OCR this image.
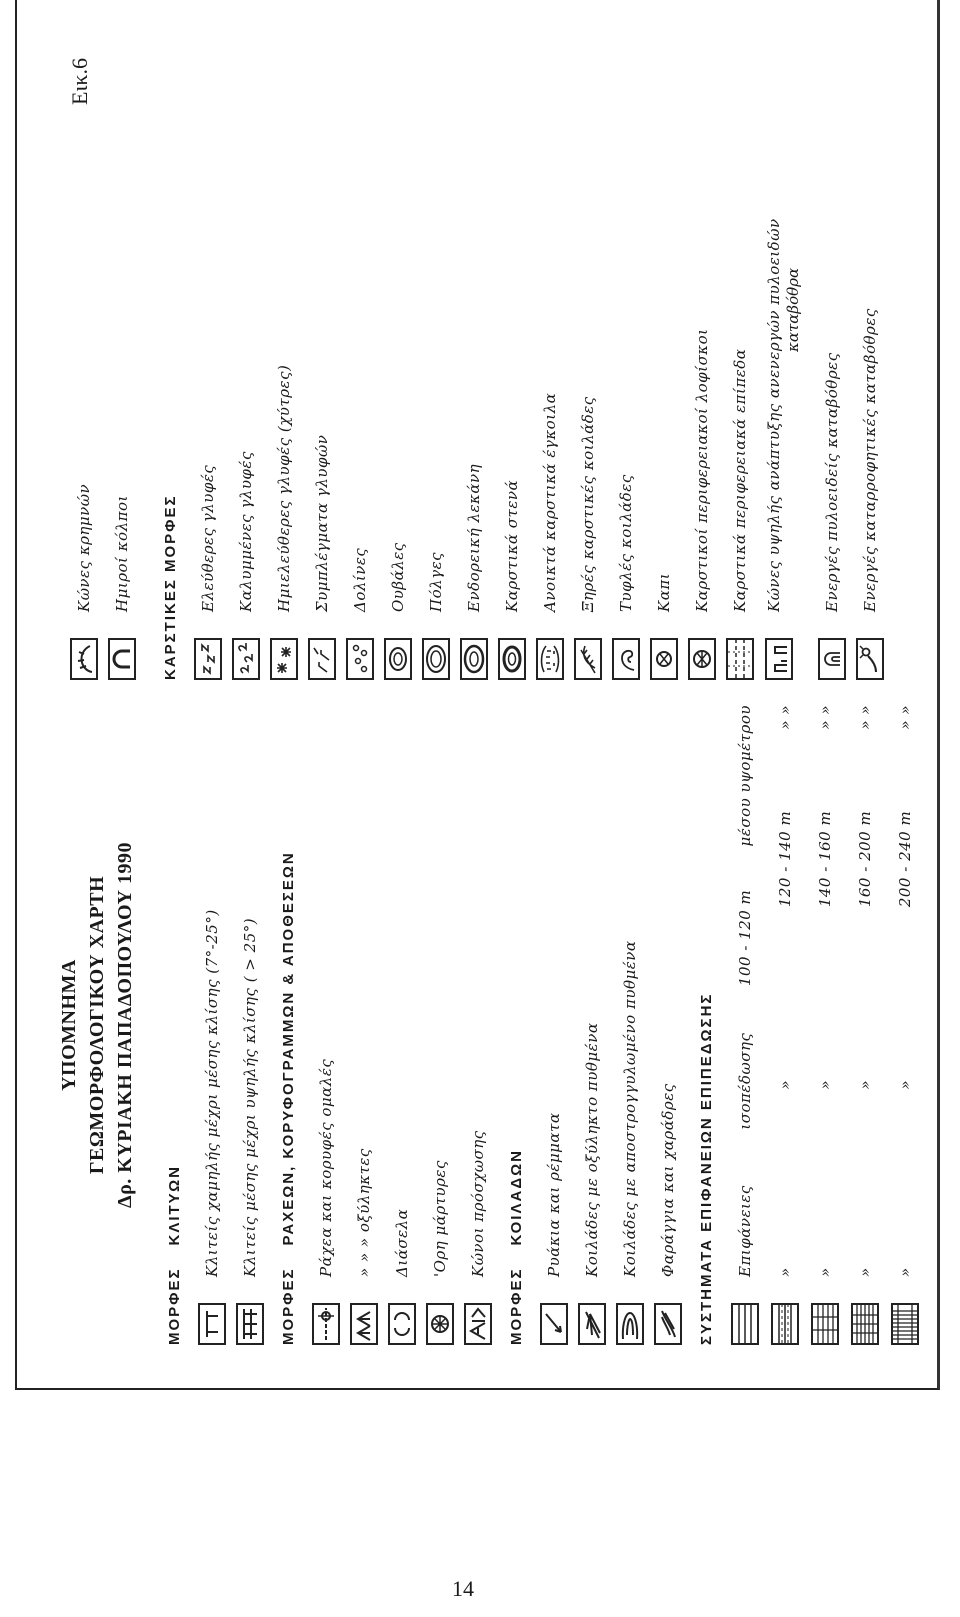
Εικ.6
ΥΠΟΜΝΗΜΑ ΓΕΩΜΟΡΦΟΛΟΓΙΚΟΥ ΧΑΡΤΗ Δρ. ΚΥΡΙΑΚΗ ΠΑΠΑΔΟΠΟΥΛΟΥ 1990
ΜΟΡΦΕΣ
ΚΛΙΤΥΩΝ Κλιτείς χαμηλής μέχρι μέσης κλίσης (7°-25°) Κλιτείς μέσης μέχρι υψηλής κλίσης ( > 25°)
ΜΟΡΦΕΣ
ΡΑΧΕΩΝ, ΚΟΡΥΦΟΓΡΑΜΜΩΝ & ΑΠΟΘΕΣΕΩΝ Ράχεα και κορυφές ομαλές » » » οξύληκτες Διάσελα 'Ορη μάρτυρες Κώνοι πρόσχωσης
ΜΟΡΦΕΣ
ΚΟΙΛΑΔΩΝ Ρυάκια και ρέμματα Κοιλάδες με οξύληκτο πυθμένα Κοιλάδες με αποστρογγυλωμένο πυθμένα Φαράγγια και χαράδρες ΣΥΣΤΗΜΑΤΑ ΕΠΙΦΑΝΕΙΩΝ ΕΠΙΠΕΔΩΣΗΣ Επιφάνειες
ισοπέδωσης
100 - 120 m
μέσου υψομέτρου
»
»
120 - 140 m
» »
»
»
140 - 160 m
» »
»
»
160 - 200 m
» »
»
»
200 - 240 m
» »
Κώνες κρημνών Ημιροί κόλποι ΚΑΡΣΤΙΚΕΣ ΜΟΡΦΕΣ Ελεύθερες γλυφές Καλυμμένες γλυφές Ημιελεύθερες γλυφές (χύτρες) Συμπλέγματα γλυφών Δολίνες Ουβάλες Πόλγες Ενδορεική λεκάνη Καρστικά στενά Ανοικτά καρστικά έγκοιλα Ξηρές καρστικές κοιλάδες Τυφλές κοιλάδες Καπι Καρστικοί περιφερειακοί λοφίσκοι Καρστικά περιφερειακά επίπεδα Κώνες υψηλής ανάπτυξης ανενεργών πυλοειδών καταβόθρα
Ενεργές πυλοειδείς καταβόθρες Ενεργές καταρροφητικές καταβόθρες
14
